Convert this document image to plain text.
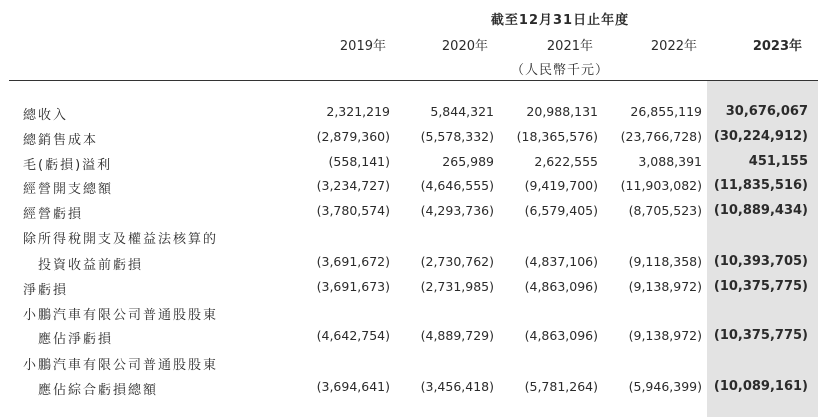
截至12月31日止年度
2019年	2020年	2021年	2022年	2023年
（人民幣千元）
總收入	2,321,219	5,844,321	20,988,131	26,855,119	30,676,067
總銷售成本	(2,879,360)	(5,578,332)	(18,365,576)	(23,766,728) (30,224,912)
毛(虧損)溢利	(558,141)	265,989	2,622,555	3,088,391	451,155
經營開支總額	(3,234,727)	(4,646,555)	(9,419,700)	(11,903,082) (11,835,516)
經營虧損	(3,780,574)	(4,293,736)	(6,579,405)	(8,705,523) (10,889,434)
除所得稅開支及權益法核算的
投資收益前虧損	(3,691,672)	(2,730,762)	(4,837,106)	(9,118,358) (10,393,705)
淨虧損	(3,691,673)	(2,731,985)	(4,863,096)	(9,138,972) (10,375,775)
小鵬汽車有限公司普通股股東
應佔淨虧損	(4,642,754)	(4,889,729)	(4,863,096)	(9,138,972) (10,375,775)
小鵬汽車有限公司普通股股東
應佔綜合虧損總額	(3,694,641)	(3,456,418)	(5,781,264)	(5,946,399) (10,089,161)
